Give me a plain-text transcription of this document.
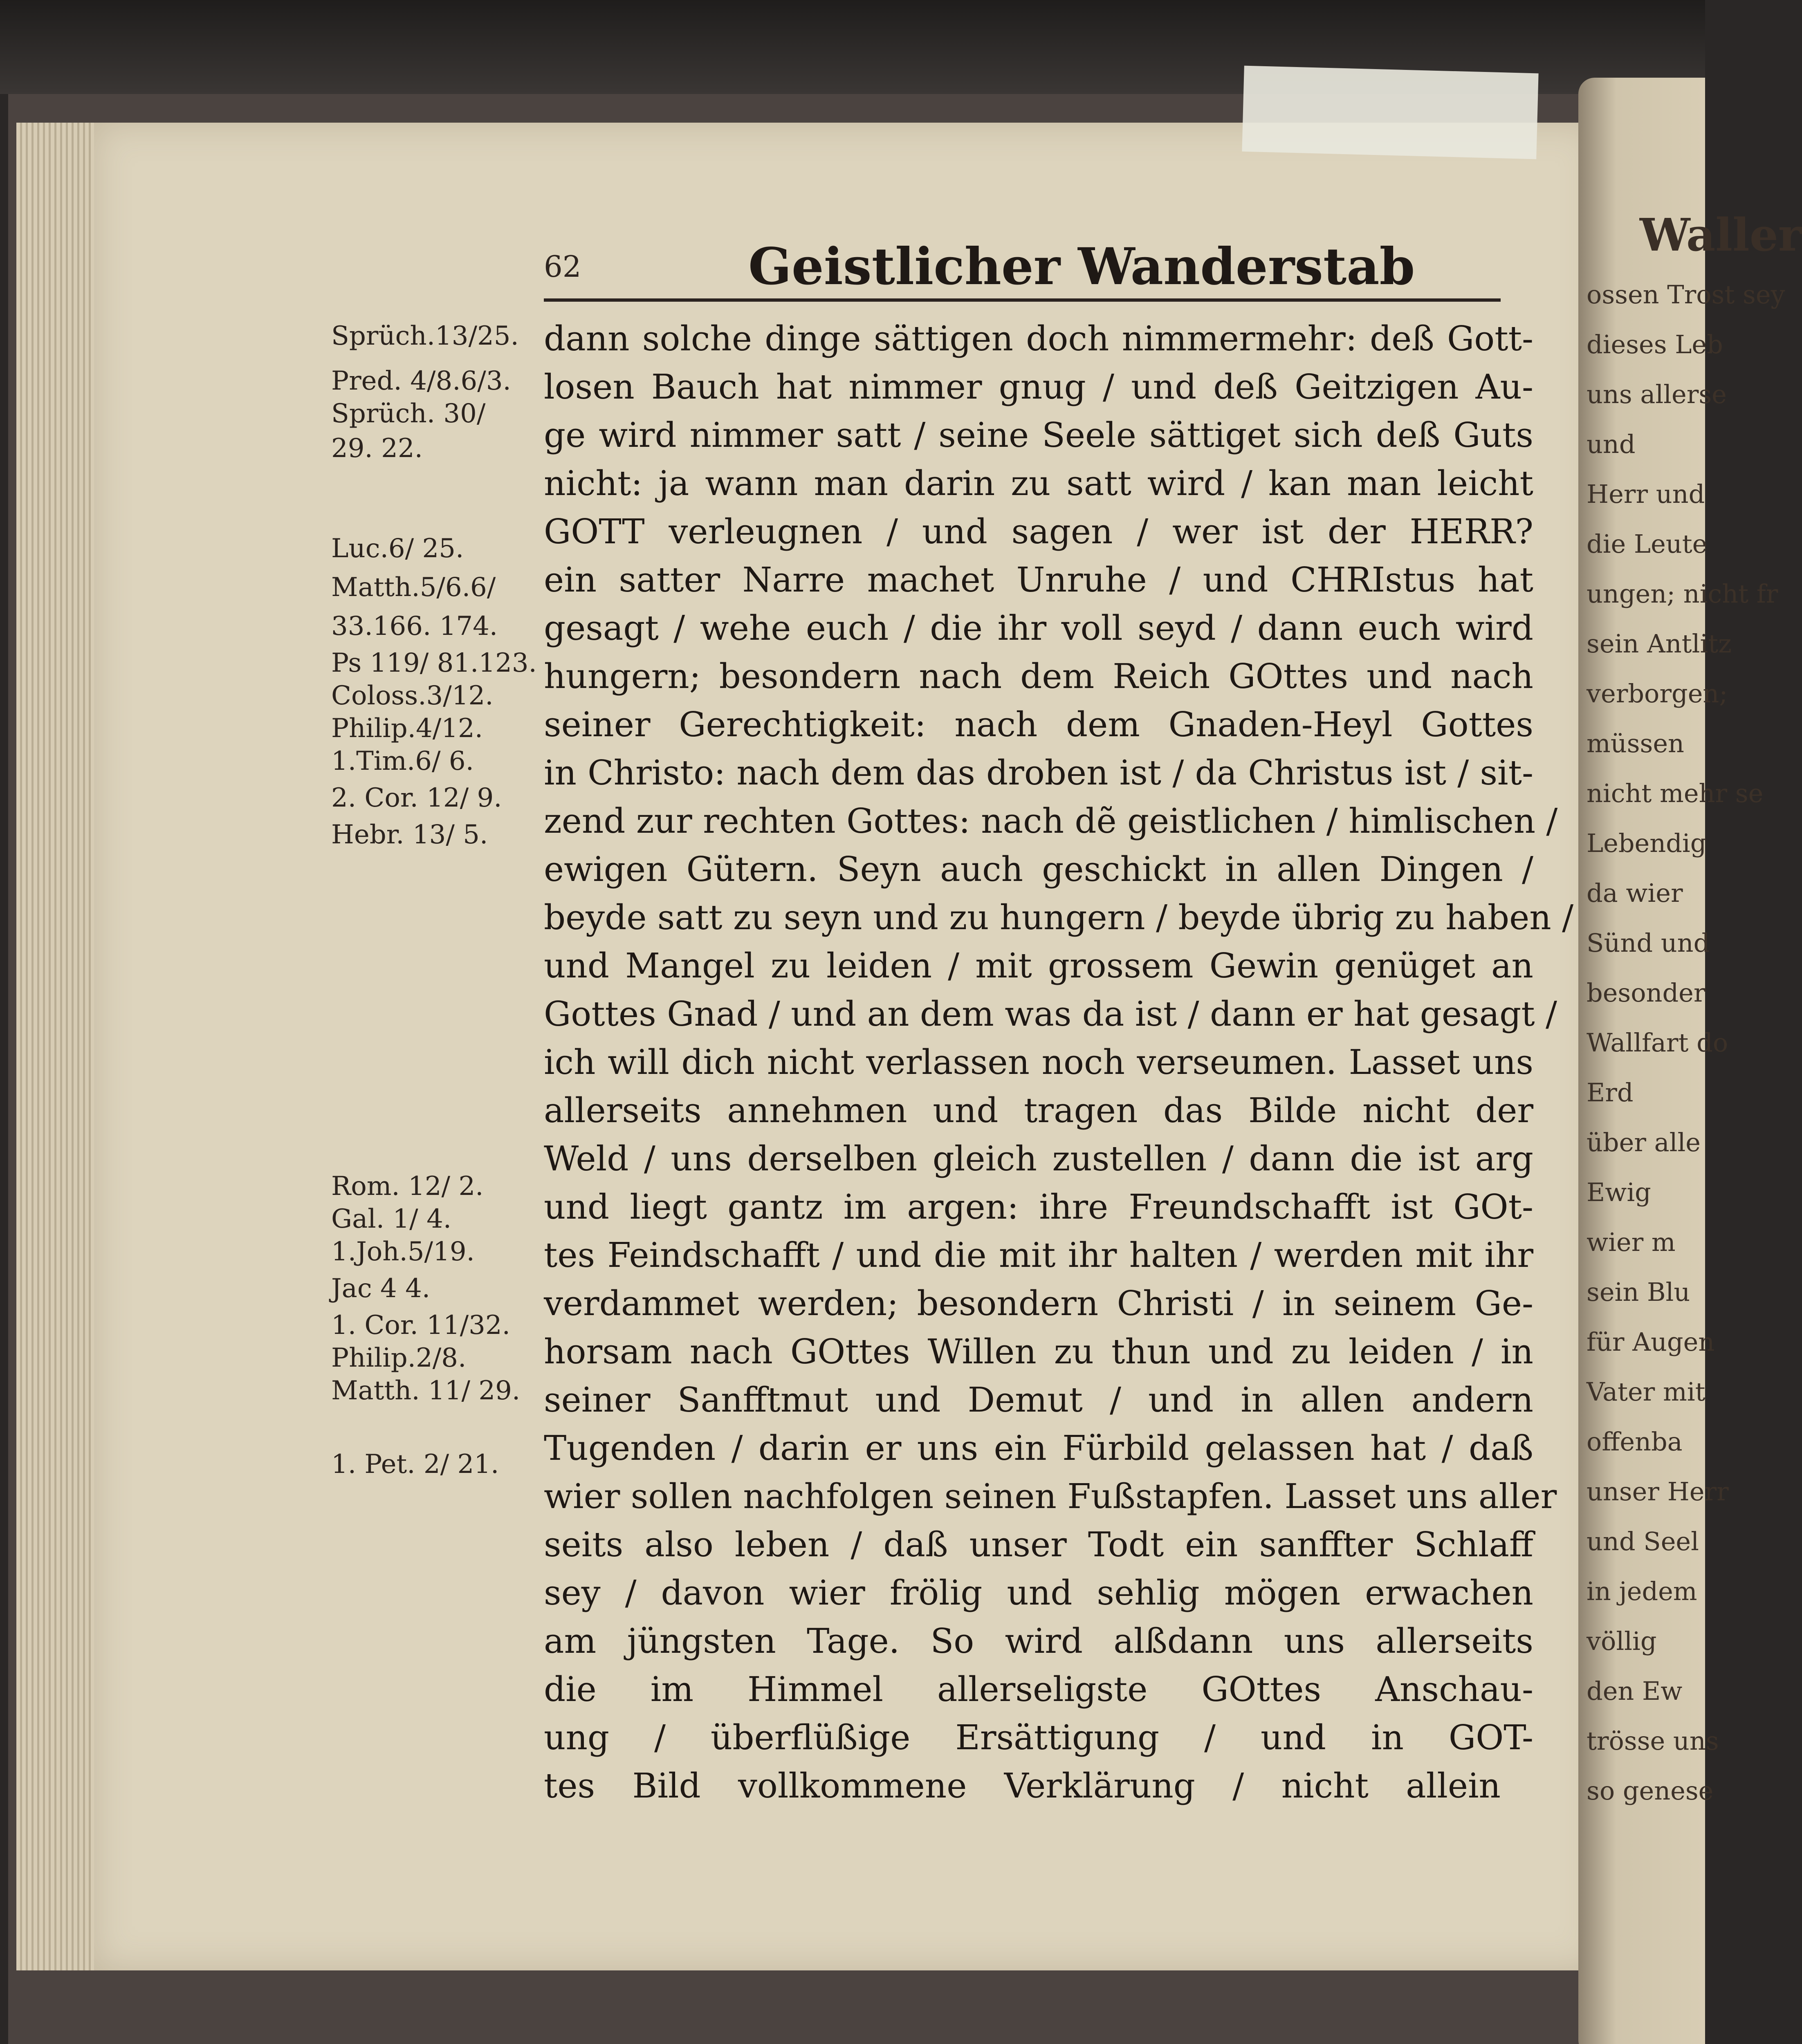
Waller
ossen Trost sey
dieses Leb
uns allerse
und
Herr und
die Leute
ungen; nicht fr
sein Antlitz
verborgen;
müssen
nicht mehr se
Lebendig
da wier
Sünd und
besonder
Wallfart do
Erd
über alle
Ewig
wier m
sein Blu
für Augen
Vater mit
offenba
unser Herr
und Seel
in jedem
völlig
den Ew
trösse uns
so genese
62	Geistlicher Wanderstab
Sprüch.13/25.
Pred. 4/8.6/3.
Sprüch. 30/
29. 22.
Luc.6/ 25.
Matth.5/6.6/
33.166. 174.
Ps 119/ 81.123.
Coloss.3/12.
Philip.4/12.
1.Tim.6/ 6.
2. Cor. 12/ 9.
Hebr. 13/ 5.
Rom. 12/ 2.
Gal. 1/ 4.
1.Joh.5/19.
Jac 4 4.
1. Cor. 11/32.
Philip.2/8.
Matth. 11/ 29.
1. Pet. 2/ 21.
dann solche dinge sättigen doch nimmermehr: deß Gott-
losen Bauch hat nimmer gnug / und deß Geitzigen Au-
ge wird nimmer satt / seine Seele sättiget sich deß Guts
nicht: ja wann man darin zu satt wird / kan man leicht
GOTT verleugnen / und sagen / wer ist der HERR?
ein satter Narre machet Unruhe / und CHRIstus hat
gesagt / wehe euch / die ihr voll seyd / dann euch wird
hungern; besondern nach dem Reich GOttes und nach
seiner Gerechtigkeit: nach dem Gnaden-Heyl Gottes
in Christo: nach dem das droben ist / da Christus ist / sit-
zend zur rechten Gottes: nach dẽ geistlichen / himlischen /
ewigen Gütern. Seyn auch geschickt in allen Dingen /
beyde satt zu seyn und zu hungern / beyde übrig zu haben /
und Mangel zu leiden / mit grossem Gewin genüget an
Gottes Gnad / und an dem was da ist / dann er hat gesagt /
ich will dich nicht verlassen noch verseumen. Lasset uns
allerseits annehmen und tragen das Bilde nicht der
Weld / uns derselben gleich zustellen / dann die ist arg
und liegt gantz im argen: ihre Freundschafft ist GOt-
tes Feindschafft / und die mit ihr halten / werden mit ihr
verdammet werden; besondern Christi / in seinem Ge-
horsam nach GOttes Willen zu thun und zu leiden / in
seiner Sanfftmut und Demut / und in allen andern
Tugenden / darin er uns ein Fürbild gelassen hat / daß
wier sollen nachfolgen seinen Fußstapfen. Lasset uns aller
seits also leben / daß unser Todt ein sanffter Schlaff
sey / davon wier frölig und sehlig mögen erwachen
am jüngsten Tage. So wird alßdann uns allerseits
die im Himmel allerseligste GOttes Anschau-
ung / überflüßige Ersättigung / und in GOT-
tes Bild vollkommene Verklärung / nicht allein
